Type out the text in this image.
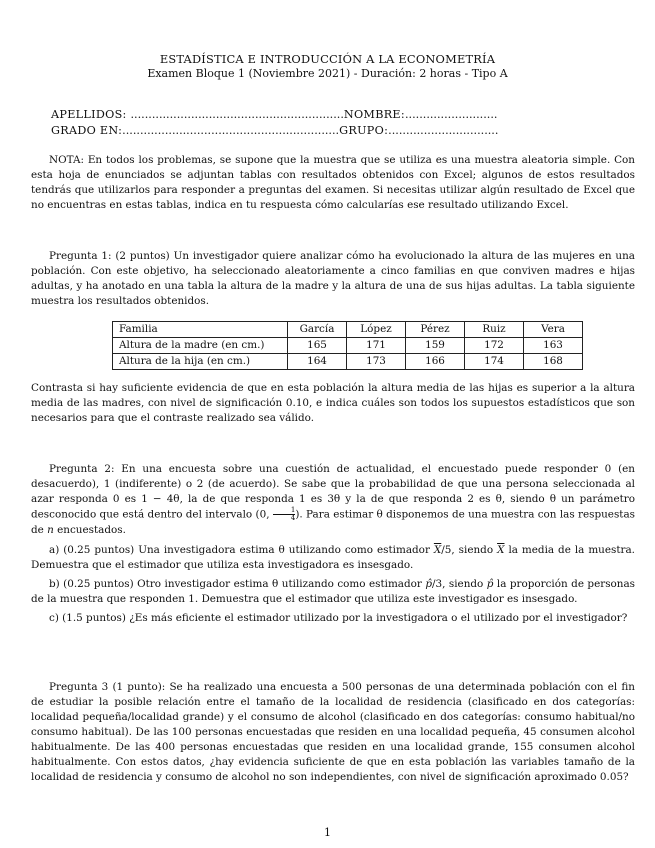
ESTADÍSTICA E INTRODUCCIÓN A LA ECONOMETRÍA
Examen Bloque 1 (Noviembre 2021) - Duración: 2 horas - Tipo A
APELLIDOS: ............................................................NOMBRE:..........................
GRADO EN:.............................................................GRUPO:...............................
NOTA: En todos los problemas, se supone que la muestra que se utiliza es una muestra aleatoria simple. Con esta hoja de enunciados se adjuntan tablas con resultados obtenidos con Excel; algunos de estos resultados tendrás que utilizarlos para responder a preguntas del examen. Si necesitas utilizar algún resultado de Excel que no encuentras en estas tablas, indica en tu respuesta cómo calcularías ese resultado utilizando Excel.
Pregunta 1: (2 puntos) Un investigador quiere analizar cómo ha evolucionado la altura de las mujeres en una población. Con este objetivo, ha seleccionado aleatoriamente a cinco familias en que conviven madres e hijas adultas, y ha anotado en una tabla la altura de la madre y la altura de una de sus hijas adultas. La tabla siguiente muestra los resultados obtenidos.
Familia	García	López	Pérez	Ruiz	Vera
Altura de la madre (en cm.)	165	171	159	172	163
Altura de la hija (en cm.)	164	173	166	174	168
Contrasta si hay suficiente evidencia de que en esta población la altura media de las hijas es superior a la altura media de las madres, con nivel de significación 0.10, e indica cuáles son todos los supuestos estadísticos que son necesarios para que el contraste realizado sea válido.
Pregunta 2: En una encuesta sobre una cuestión de actualidad, el encuestado puede responder 0 (en desacuerdo), 1 (indiferente) o 2 (de acuerdo). Se sabe que la probabilidad de que una persona seleccionada al azar responda 0 es 1 − 4θ, la de que responda 1 es 3θ y la de que responda 2 es θ, siendo θ un parámetro desconocido que está dentro del intervalo (0, $\frac{1}{4}$ ). Para estimar θ disponemos de una muestra con las respuestas de n encuestados.
a) (0.25 puntos) Una investigadora estima θ utilizando como estimador $\overline{X}/5$, siendo $\overline{X}$ la media de la muestra. Demuestra que el estimador que utiliza esta investigadora es insesgado.
b) (0.25 puntos) Otro investigador estima θ utilizando como estimador p̂/3, siendo p̂ la proporción de personas de la muestra que responden 1. Demuestra que el estimador que utiliza este investigador es insesgado.
c) (1.5 puntos) ¿Es más eficiente el estimador utilizado por la investigadora o el utilizado por el investigador?
Pregunta 3 (1 punto): Se ha realizado una encuesta a 500 personas de una determinada población con el fin de estudiar la posible relación entre el tamaño de la localidad de residencia (clasificado en dos categorías: localidad pequeña/localidad grande) y el consumo de alcohol (clasificado en dos categorías: consumo habitual/no consumo habitual). De las 100 personas encuestadas que residen en una localidad pequeña, 45 consumen alcohol habitualmente. De las 400 personas encuestadas que residen en una localidad grande, 155 consumen alcohol habitualmente. Con estos datos, ¿hay evidencia suficiente de que en esta población las variables tamaño de la localidad de residencia y consumo de alcohol no son independientes, con nivel de significación aproximado 0.05?
1
